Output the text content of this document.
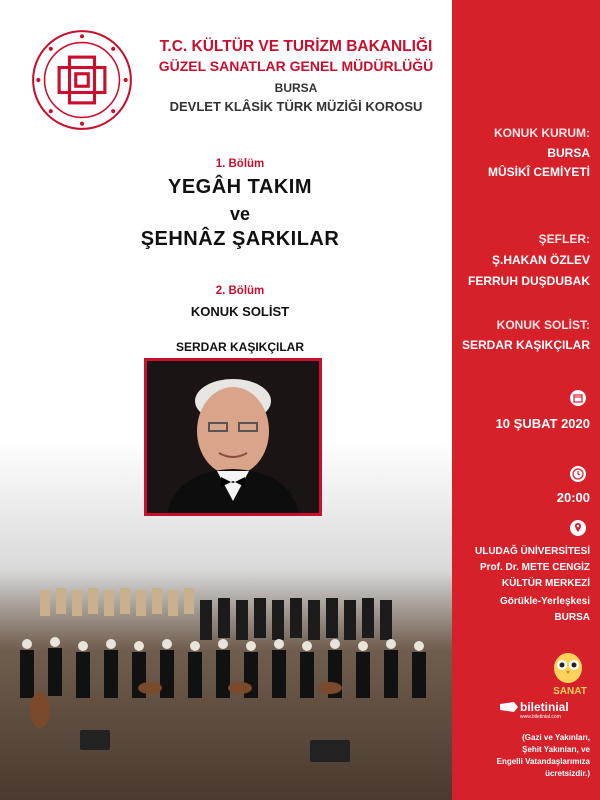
T.C. KÜLTÜR VE TURİZM BAKANLIĞI
GÜZEL SANATLAR GENEL MÜDÜRLÜĞÜ
BURSA
DEVLET KLÂSİK TÜRK MÜZİĞİ KOROSU
1. Bölüm
YEGÂH TAKIM
ve
ŞEHNÂZ ŞARKILAR
2. Bölüm
KONUK SOLİST
SERDAR KAŞIKÇILAR
KONUK KURUM:
BURSA
MÛSİKÎ CEMİYETİ
ŞEFLER:
Ş.HAKAN ÖZLEV
FERRUH DUŞDUBAK
KONUK SOLİST:
SERDAR KAŞIKÇILAR
10 ŞUBAT 2020
20:00
ULUDAĞ ÜNİVERSİTESİ
Prof. Dr. METE CENGİZ
KÜLTÜR MERKEZİ
Görükle-Yerleşkesi
BURSA
SANAT
biletinial
www.biletinial.com
(Gazi ve Yakınları,
Şehit Yakınları, ve
Engelli Vatandaşlarımıza
ücretsizdir.)
